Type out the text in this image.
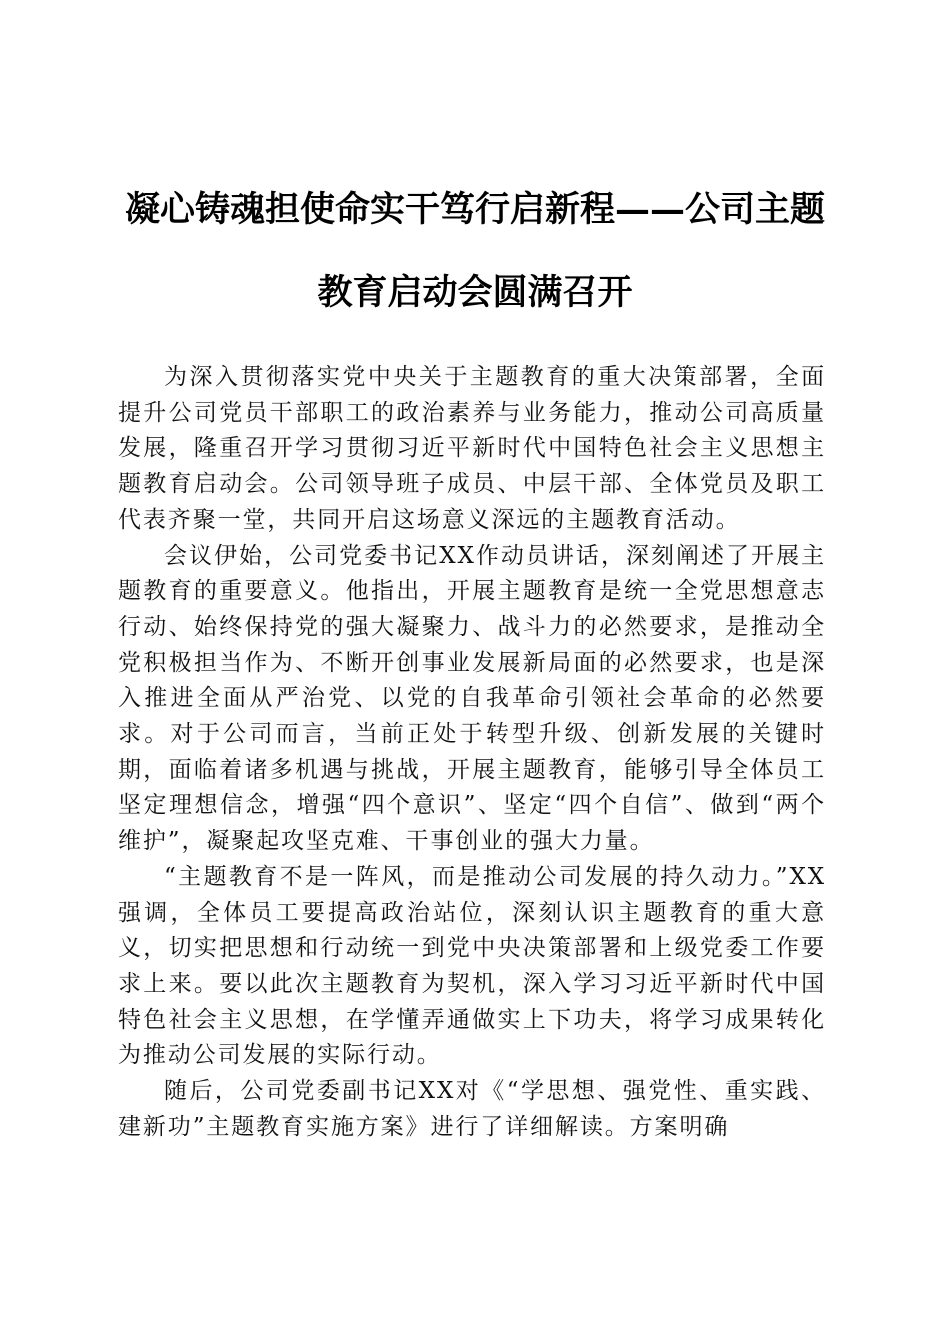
凝心铸魂担使命实干笃行启新程——公司主题
教育启动会圆满召开

为深入贯彻落实党中央关于主题教育的重大决策部署，全面提升公司党员干部职工的政治素养与业务能力，推动公司高质量发展，隆重召开学习贯彻习近平新时代中国特色社会主义思想主题教育启动会。公司领导班子成员、中层干部、全体党员及职工代表齐聚一堂，共同开启这场意义深远的主题教育活动。

会议伊始，公司党委书记XX作动员讲话，深刻阐述了开展主题教育的重要意义。他指出，开展主题教育是统一全党思想意志行动、始终保持党的强大凝聚力、战斗力的必然要求，是推动全党积极担当作为、不断开创事业发展新局面的必然要求，也是深入推进全面从严治党、以党的自我革命引领社会革命的必然要求。对于公司而言，当前正处于转型升级、创新发展的关键时期，面临着诸多机遇与挑战，开展主题教育，能够引导全体员工坚定理想信念，增强“四个意识”、坚定“四个自信”、做到“两个维护”，凝聚起攻坚克难、干事创业的强大力量。

“主题教育不是一阵风，而是推动公司发展的持久动力。”XX强调，全体员工要提高政治站位，深刻认识主题教育的重大意义，切实把思想和行动统一到党中央决策部署和上级党委工作要求上来。要以此次主题教育为契机，深入学习习近平新时代中国特色社会主义思想，在学懂弄通做实上下功夫，将学习成果转化为推动公司发展的实际行动。

随后，公司党委副书记XX对《“学思想、强党性、重实践、建新功”主题教育实施方案》进行了详细解读。方案明确
